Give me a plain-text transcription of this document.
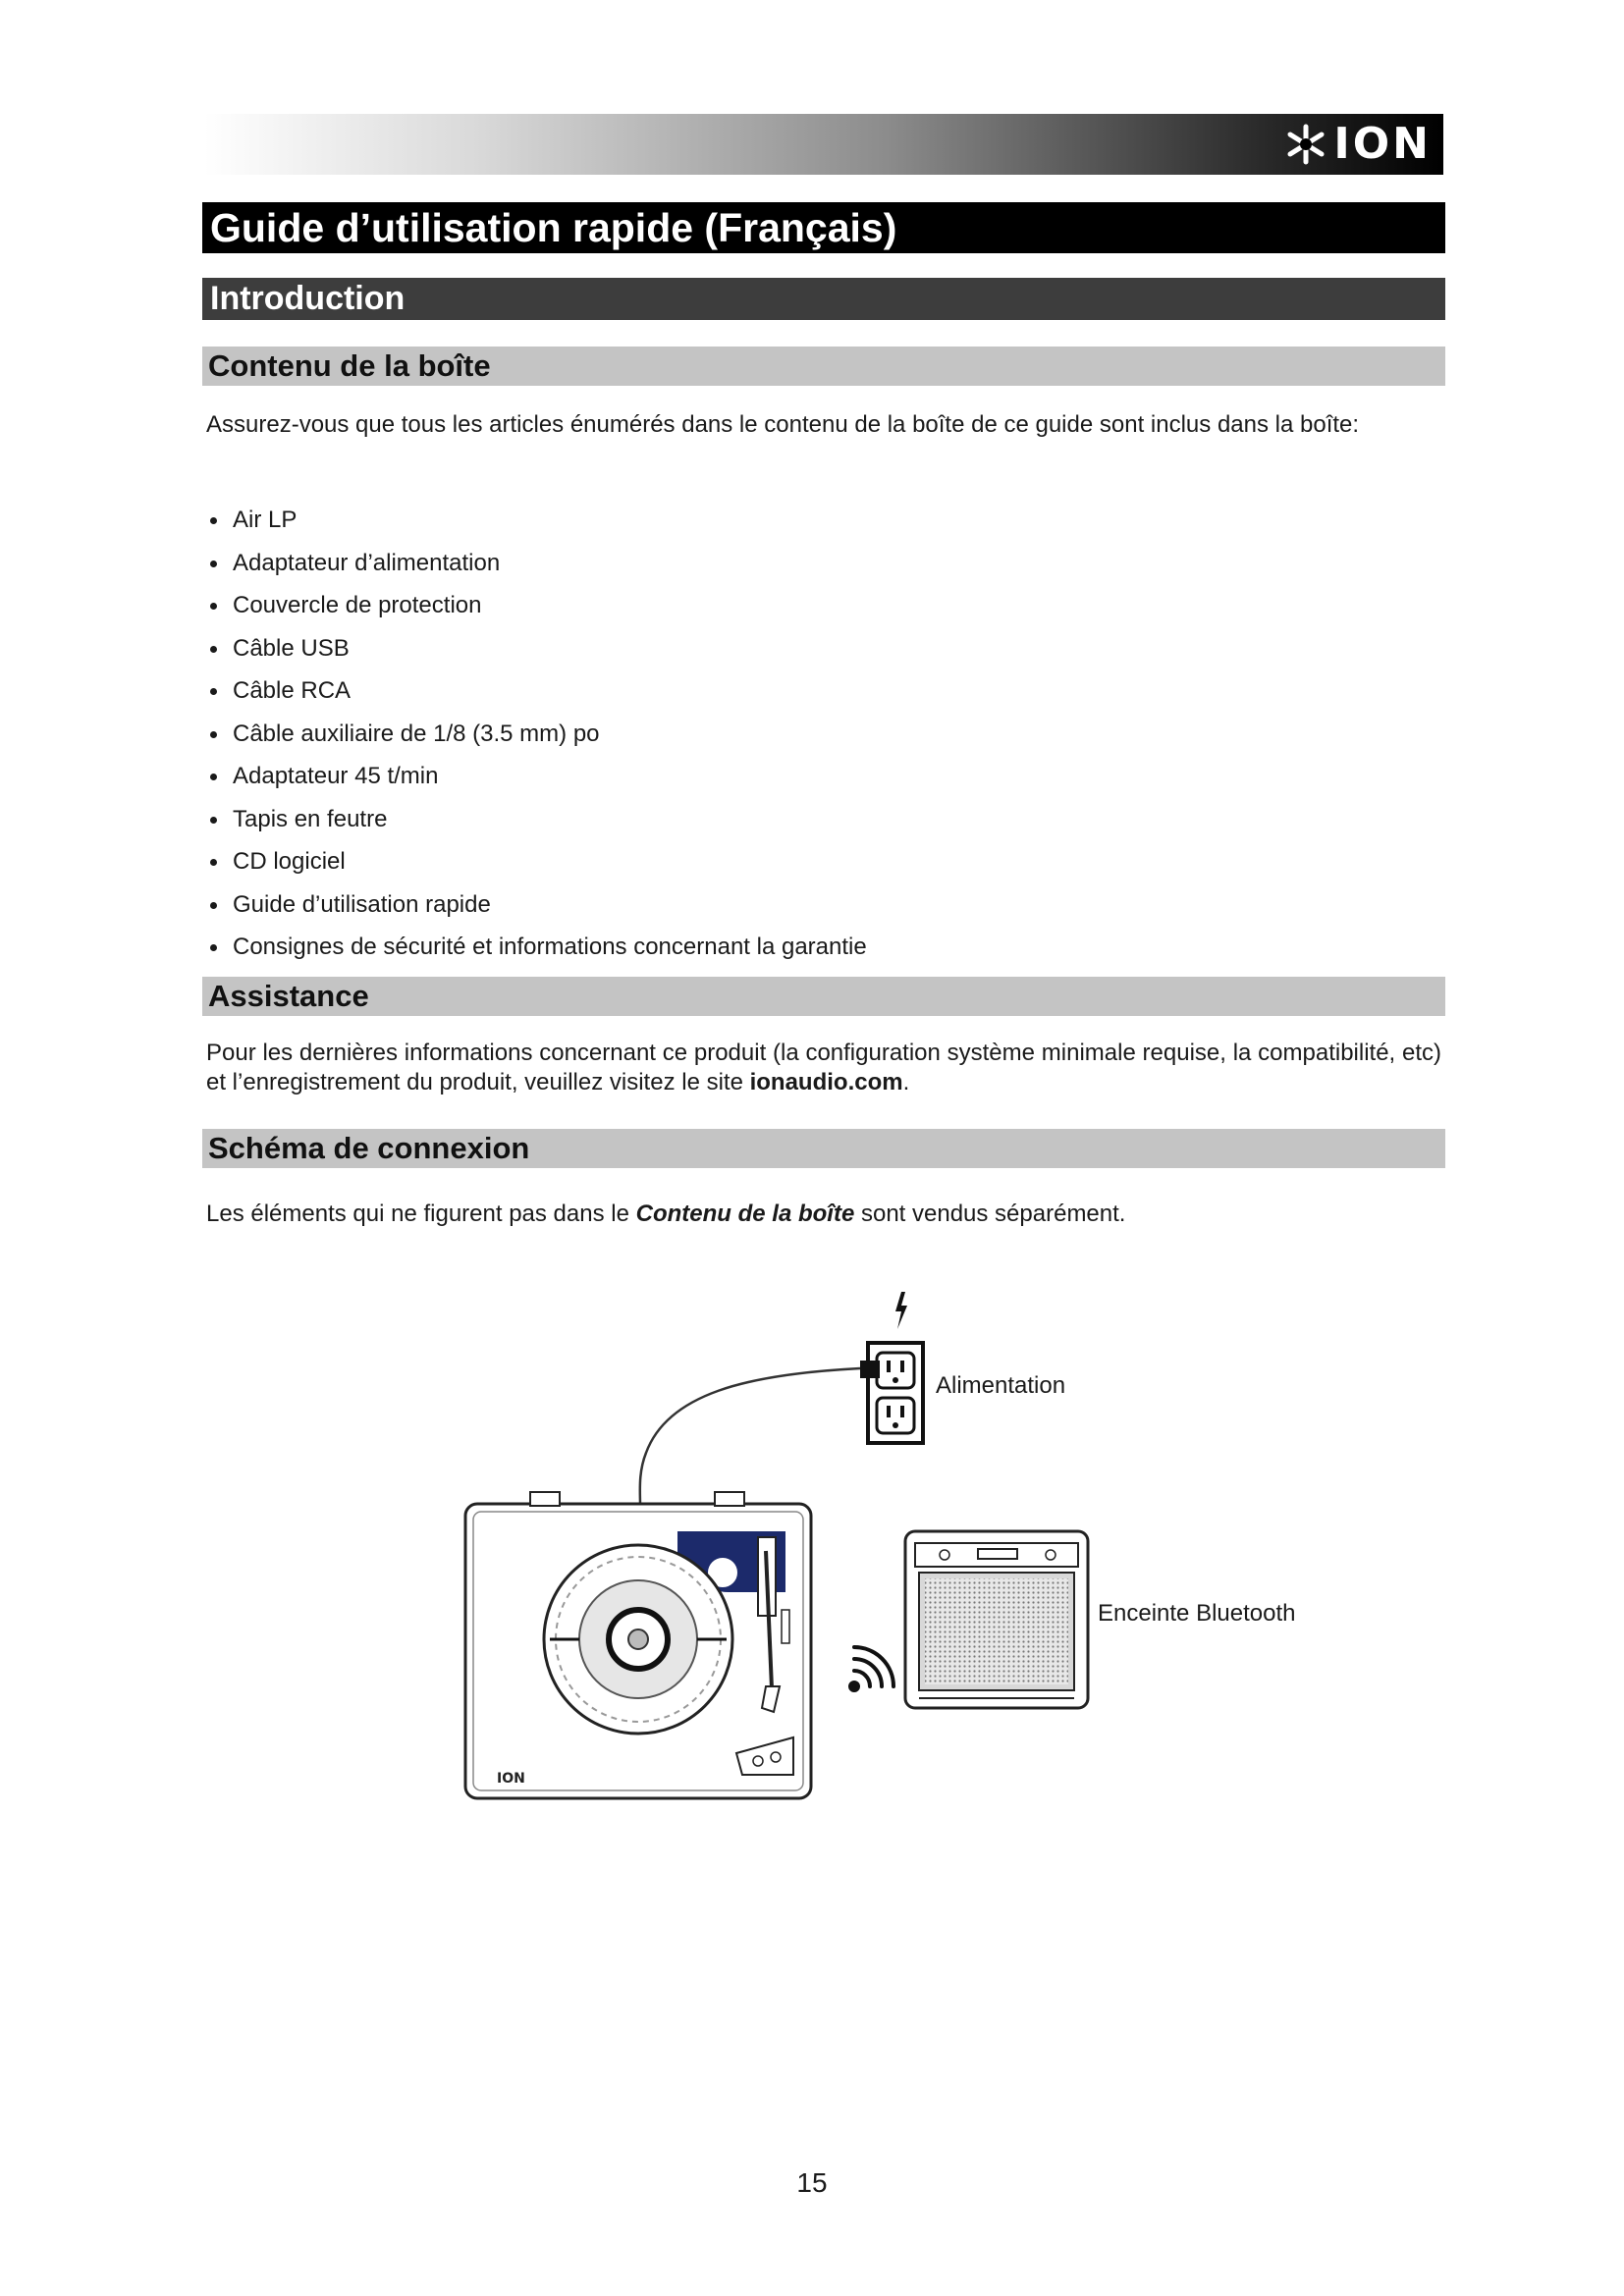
ION
Guide d’utilisation rapide (Français)
Introduction
Contenu de la boîte
Assurez-vous que tous les articles énumérés dans le contenu de la boîte de ce guide sont inclus dans la boîte:
Air LP
Adaptateur d’alimentation
Couvercle de protection
Câble USB
Câble RCA
Câble auxiliaire de 1/8 (3.5 mm) po
Adaptateur 45 t/min
Tapis en feutre
CD logiciel
Guide d’utilisation rapide
Consignes de sécurité et informations concernant la garantie
Assistance
Pour les dernières informations concernant ce produit (la configuration système minimale requise, la compatibilité, etc) et l’enregistrement du produit, veuillez visitez le site ionaudio.com.
Schéma de connexion
Les éléments qui ne figurent pas dans le Contenu de la boîte sont vendus séparément.
ION
Alimentation
Enceinte Bluetooth
15
